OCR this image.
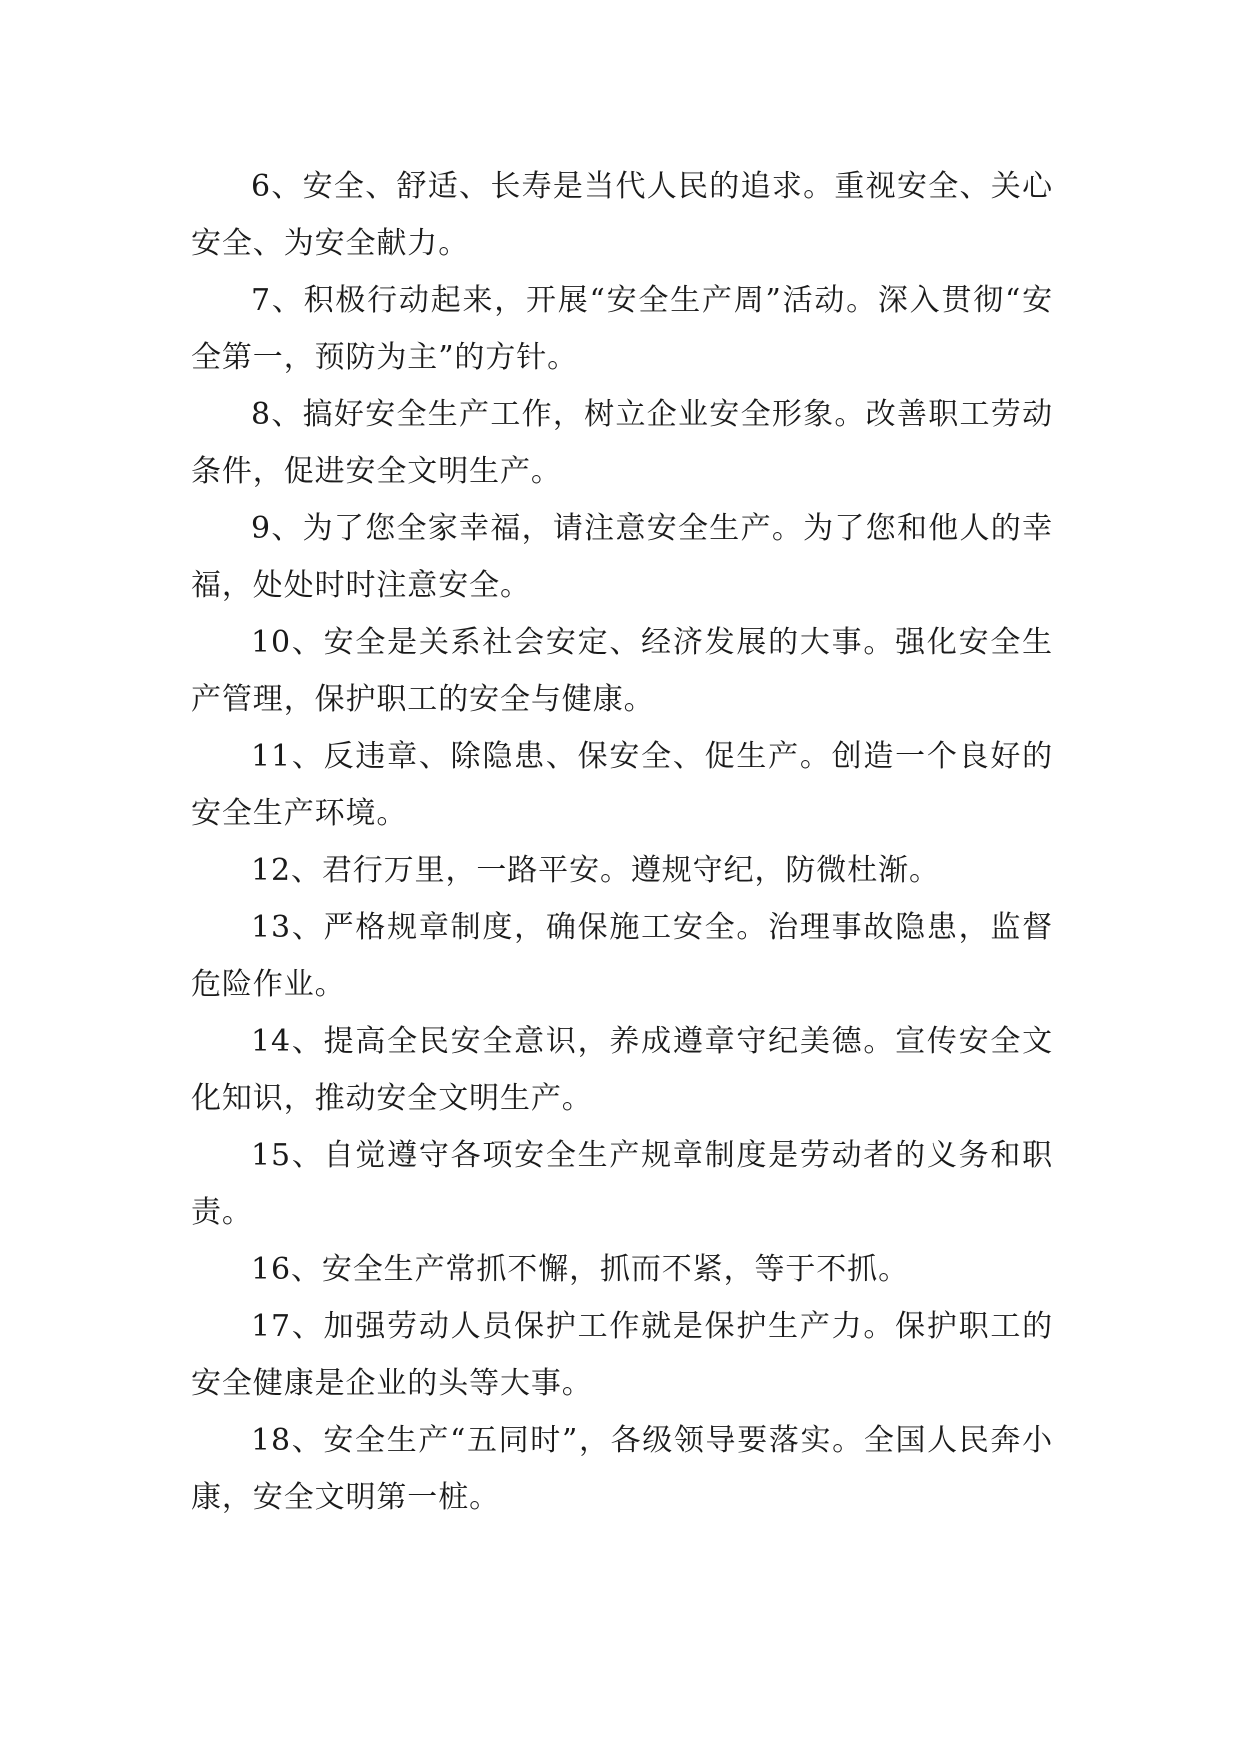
6、安全、舒适、长寿是当代人民的追求。重视安全、关心安全、为安全献力。

7、积极行动起来，开展“安全生产周”活动。深入贯彻“安全第一，预防为主”的方针。

8、搞好安全生产工作，树立企业安全形象。改善职工劳动条件，促进安全文明生产。

9、为了您全家幸福，请注意安全生产。为了您和他人的幸福，处处时时注意安全。

10、安全是关系社会安定、经济发展的大事。强化安全生产管理，保护职工的安全与健康。

11、反违章、除隐患、保安全、促生产。创造一个良好的安全生产环境。

12、君行万里，一路平安。遵规守纪，防微杜渐。

13、严格规章制度，确保施工安全。治理事故隐患，监督危险作业。

14、提高全民安全意识，养成遵章守纪美德。宣传安全文化知识，推动安全文明生产。

15、自觉遵守各项安全生产规章制度是劳动者的义务和职责。

16、安全生产常抓不懈，抓而不紧，等于不抓。

17、加强劳动人员保护工作就是保护生产力。保护职工的安全健康是企业的头等大事。

18、安全生产“五同时”，各级领导要落实。全国人民奔小康，安全文明第一桩。
